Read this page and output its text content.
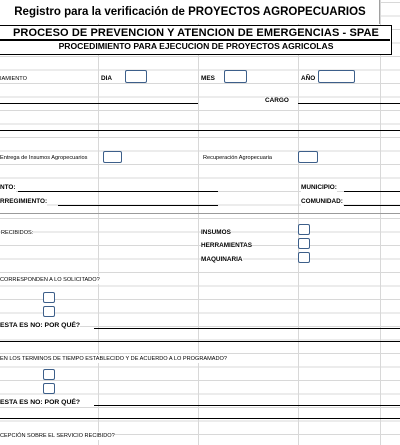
Registro para la verificación de PROYECTOS AGROPECUARIOS
PROCESO DE PREVENCION Y ATENCION DE EMERGENCIAS - SPAE
PROCEDIMIENTO PARA EJECUCION DE PROYECTOS AGRICOLAS
IAMIENTO	DIA	MES	AÑO
CARGO
Entrega de Insumos Agropecuarios	Recuperación Agropecuaria
NTO:	MUNICIPIO:
RREGIMIENTO:	COMUNIDAD:
RECIBIDOS:	INSUMOS
HERRAMIENTAS
MAQUINARIA
CORRESPONDEN A LO SOLICITADO?
ESTA ES NO: POR QUÉ?
EN LOS TERMINOS DE TIEMPO ESTABLECIDO Y DE ACUERDO A LO PROGRAMADO?
ESTA ES NO: POR QUÉ?
CEPCIÓN SOBRE EL SERVICIO RECIBIDO?
